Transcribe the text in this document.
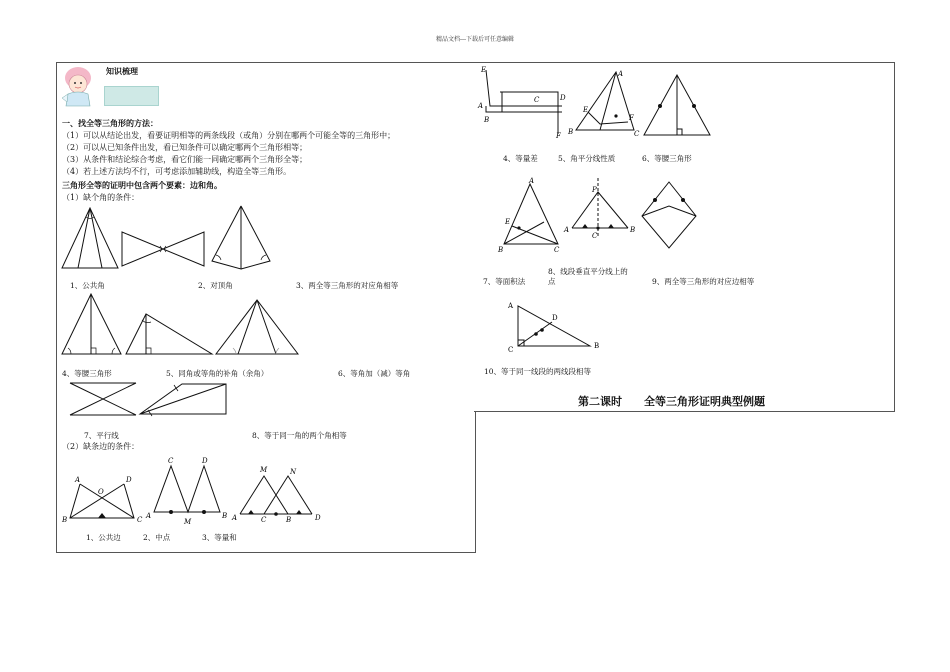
精品文档---下载后可任意编辑
知识梳理
一、找全等三角形的方法：
（1）可以从结论出发，看要证明相等的两条线段（或角）分别在哪两个可能全等的三角形中；
（2）可以从已知条件出发，看已知条件可以确定哪两个三角形相等；
（3）从条件和结论综合考虑，看它们能一同确定哪两个三角形全等；
（4）若上述方法均不行，可考虑添加辅助线，构造全等三角形。
三角形全等的证明中包含两个要素：边和角。
（1）缺个角的条件：
1、公共角	2、对顶角	3、两全等三角形的对应角相等
4、等腰三角形	5、同角或等角的补角（余角）	6、等角加（减）等角
7、平行线	8、等于同一角的两个角相等
（2）缺条边的条件：
A
O
D
B	C
C	D
A
M
B
M	N
A	C	B	D
1、公共边	2、中点	3、等量和
E
A
B
C	D
F
A
E
F
B	C
4、等量差	5、角平分线性质	6、等腰三角形
A
E
B	C
P
A
C
B
7、等面积法
8、线段垂直平分线上的
点	9、两全等三角形的对应边相等
A
D
C	B
10、等于同一线段的两线段相等
第二课时　　全等三角形证明典型例题
